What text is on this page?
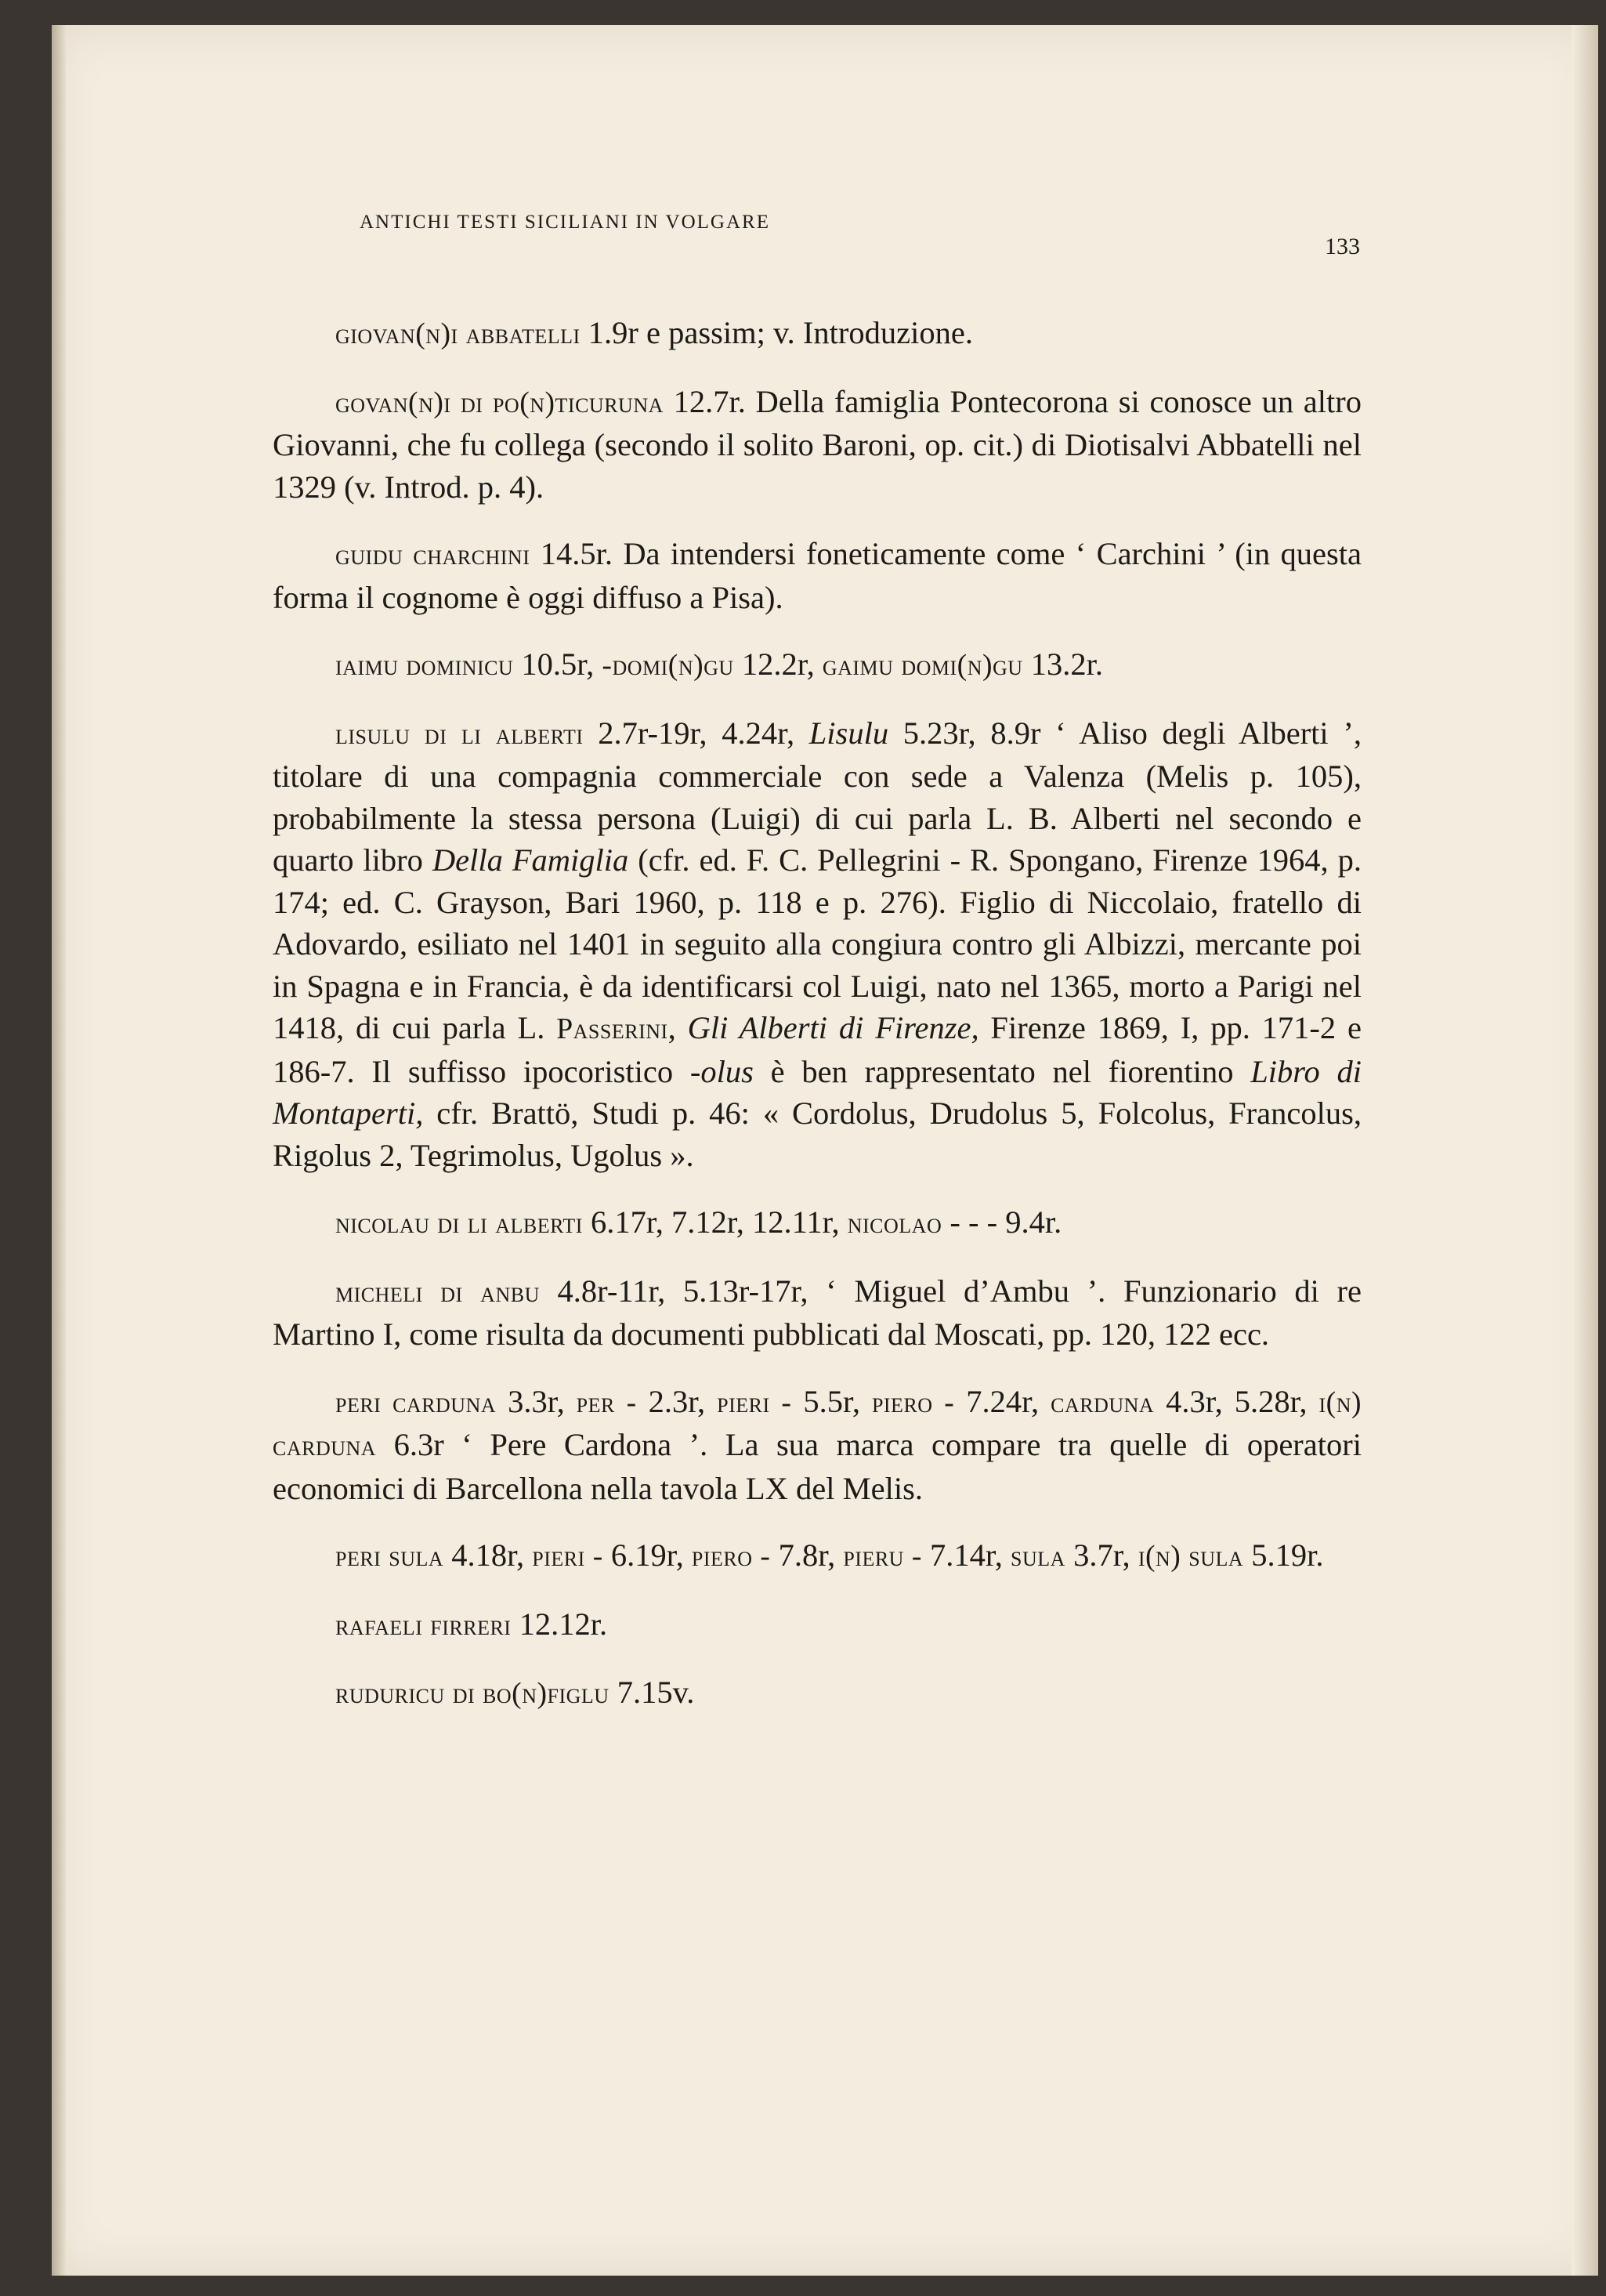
ANTICHI TESTI SICILIANI IN VOLGARE
133

giovan(n)i abbatelli 1.9r e passim; v. Introduzione.

govan(n)i di po(n)ticuruna 12.7r. Della famiglia Pontecorona si conosce un altro Giovanni, che fu collega (secondo il solito Baroni, op. cit.) di Diotisalvi Abbatelli nel 1329 (v. Introd. p. 4).

guidu charchini 14.5r. Da intendersi foneticamente come ‘ Carchini ’ (in questa forma il cognome è oggi diffuso a Pisa).

iaimu dominicu 10.5r, -domi(n)gu 12.2r, gaimu domi(n)gu 13.2r.

lisulu di li alberti 2.7r-19r, 4.24r, Lisulu 5.23r, 8.9r ‘ Aliso degli Alberti ’, titolare di una compagnia commerciale con sede a Valenza (Melis p. 105), probabilmente la stessa persona (Luigi) di cui parla L. B. Alberti nel secondo e quarto libro Della Famiglia (cfr. ed. F. C. Pellegrini - R. Spongano, Firenze 1964, p. 174; ed. C. Grayson, Bari 1960, p. 118 e p. 276). Figlio di Niccolaio, fratello di Adovardo, esiliato nel 1401 in seguito alla congiura contro gli Albizzi, mercante poi in Spagna e in Francia, è da identificarsi col Luigi, nato nel 1365, morto a Parigi nel 1418, di cui parla L. Passerini, Gli Alberti di Firenze, Firenze 1869, I, pp. 171-2 e 186-7. Il suffisso ipocoristico -olus è ben rappresentato nel fiorentino Libro di Montaperti, cfr. Brattö, Studi p. 46: « Cordolus, Drudolus 5, Folcolus, Francolus, Rigolus 2, Tegrimolus, Ugolus ».

nicolau di li alberti 6.17r, 7.12r, 12.11r, nicolao - - - 9.4r.

micheli di anbu 4.8r-11r, 5.13r-17r, ‘ Miguel d’Ambu ’. Funzionario di re Martino I, come risulta da documenti pubblicati dal Moscati, pp. 120, 122 ecc.

peri carduna 3.3r, per - 2.3r, pieri - 5.5r, piero - 7.24r, carduna 4.3r, 5.28r, i(n) carduna 6.3r ‘ Pere Cardona ’. La sua marca compare tra quelle di operatori economici di Barcellona nella tavola LX del Melis.

peri sula 4.18r, pieri - 6.19r, piero - 7.8r, pieru - 7.14r, sula 3.7r, i(n) sula 5.19r.

rafaeli firreri 12.12r.

ruduricu di bo(n)figlu 7.15v.
